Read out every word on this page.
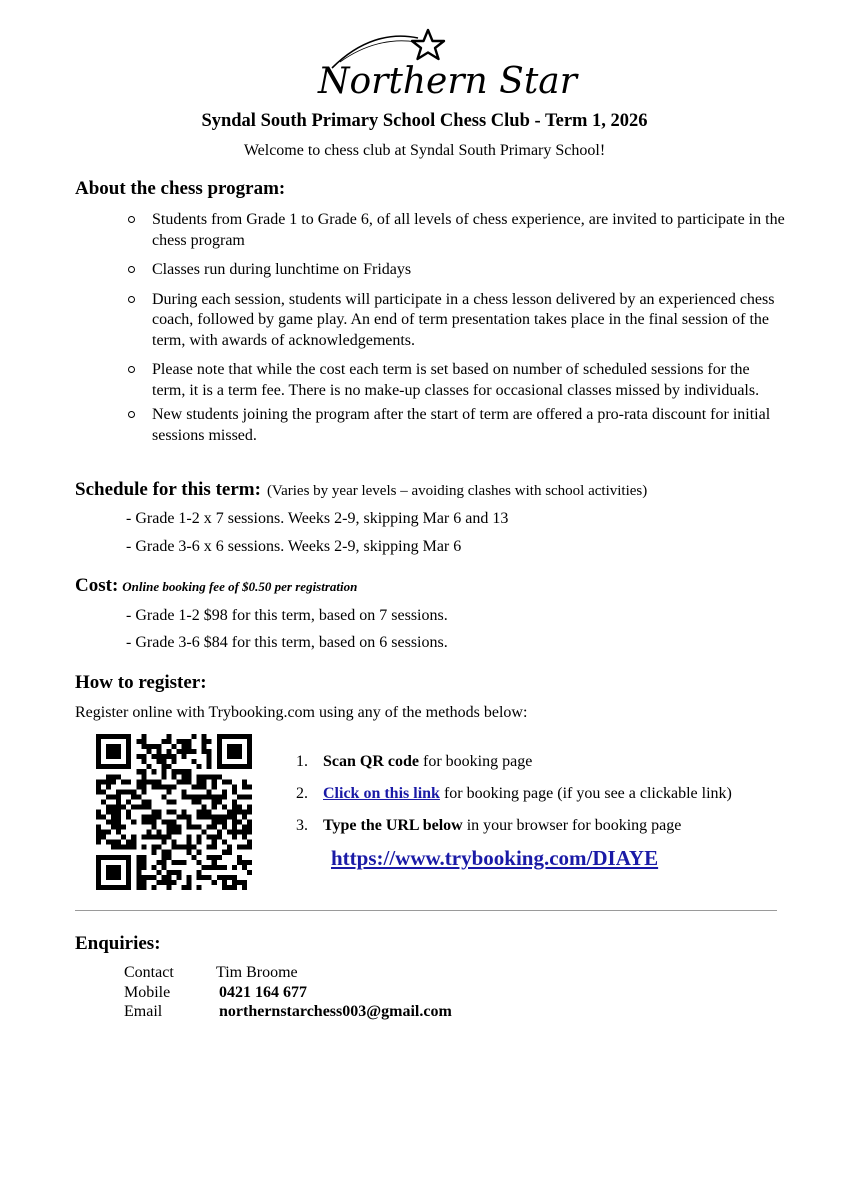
Northern Star
Syndal South Primary School Chess Club - Term 1, 2026
Welcome to chess club at Syndal South Primary School!
About the chess program:
Students from Grade 1 to Grade 6, of all levels of chess experience, are invited to participate in the chess program
Classes run during lunchtime on Fridays
During each session, students will participate in a chess lesson delivered by an experienced chess coach, followed by game play. An end of term presentation takes place in the final session of the term, with awards of acknowledgements.
Please note that while the cost each term is set based on number of scheduled sessions for the term, it is a term fee. There is no make-up classes for occasional classes missed by individuals.
New students joining the program after the start of term are offered a pro-rata discount for initial sessions missed.
Schedule for this term: (Varies by year levels – avoiding clashes with school activities)
- Grade 1-2 x 7 sessions. Weeks 2-9, skipping Mar 6 and 13
- Grade 3-6 x 6 sessions. Weeks 2-9, skipping Mar 6
Cost: Online booking fee of $0.50 per registration
- Grade 1-2 $98 for this term, based on 7 sessions.
- Grade 3-6 $84 for this term, based on 6 sessions.
How to register:
Register online with Trybooking.com using any of the methods below:
1. Scan QR code for booking page
2. Click on this link for booking page (if you see a clickable link)
3. Type the URL below in your browser for booking page
https://www.trybooking.com/DIAYE
Enquiries:
Contact	Tim Broome
Mobile	0421 164 677
Email	northernstarchess003@gmail.com
